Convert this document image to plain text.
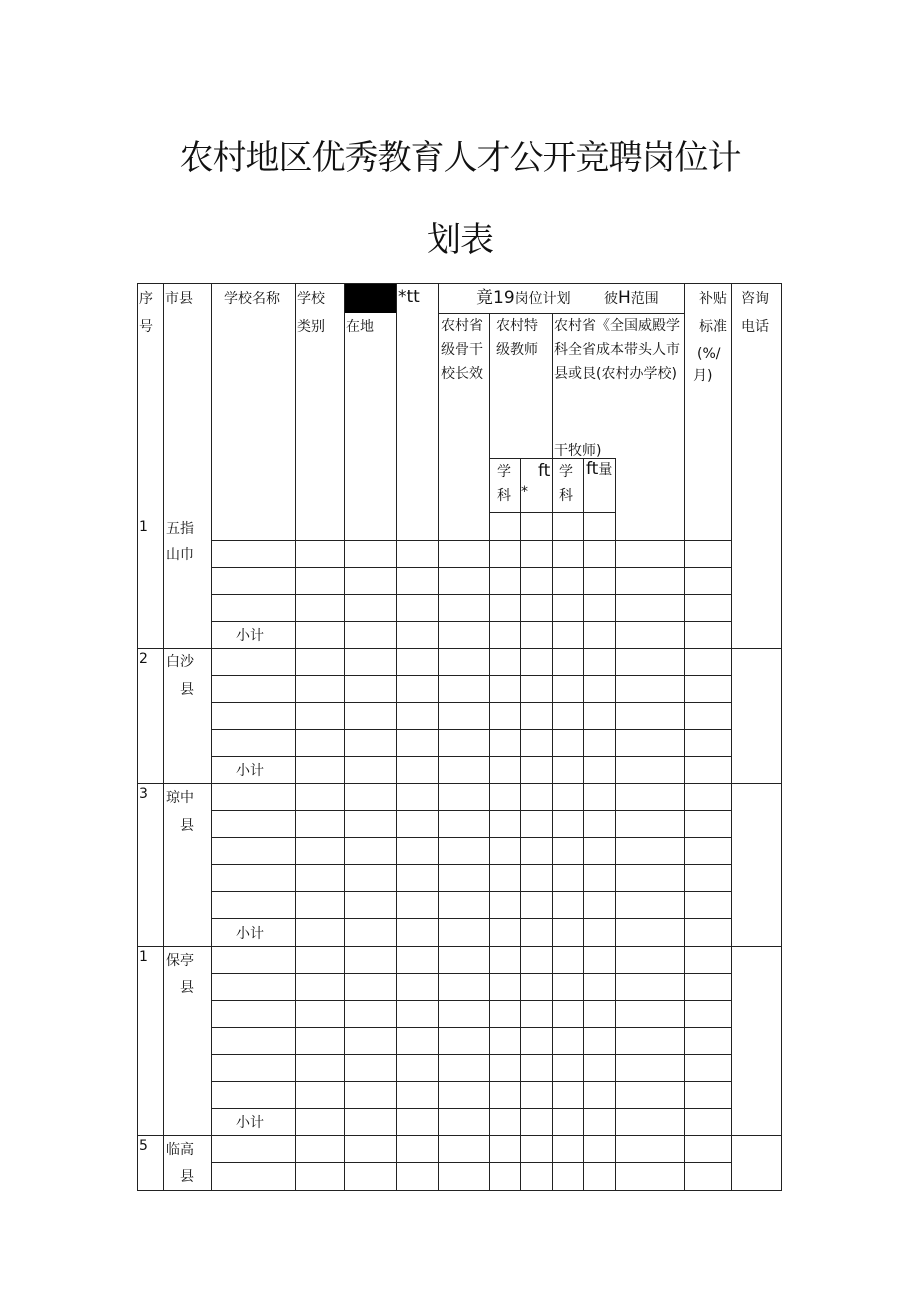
农村地区优秀教育人才公开竞聘岗位计
划表
序
号
市县 学校名称 学校
类别 在地
*tt	竟19岗位计划 彼H范围	补贴
标准
(%/
月)
咨询
电话
农村省级骨干校长效
农村特级教师
农村省《全国威殿学科全省成本带头人市县或艮(农村办学校)
干牧师)
学
科
ft
*
学
科
ft量
1 五指
山巾
小计
2 白沙
县
小计
3 琼中
县
小计
1 保亭
县
小计
5 临高
县
